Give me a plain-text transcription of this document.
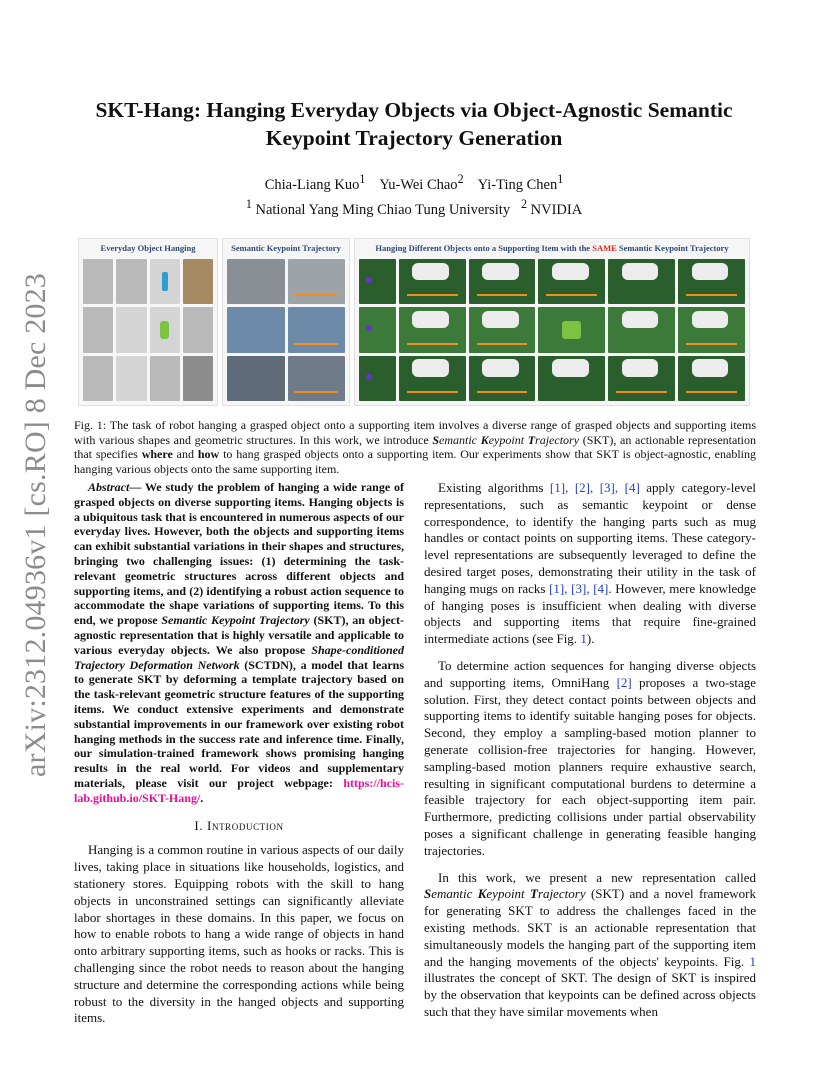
arXiv:2312.04936v1 [cs.RO] 8 Dec 2023
SKT-Hang: Hanging Everyday Objects via Object-Agnostic Semantic
Keypoint Trajectory Generation
Chia-Liang Kuo$^1$ Yu-Wei Chao$^2$ Yi-Ting Chen$^1$
$^1$ National Yang Ming Chiao Tung University $^2$ NVIDIA
Everyday Object Hanging	Semantic Keypoint Trajectory	Hanging Different Objects onto a Supporting Item with the SAME Semantic Keypoint Trajectory
Fig. 1: The task of robot hanging a grasped object onto a supporting item involves a diverse range of grasped objects and supporting items with various shapes and geometric structures. In this work, we introduce Semantic Keypoint Trajectory (SKT), an actionable representation that specifies where and how to hang grasped objects onto a supporting item. Our experiments show that SKT is object-agnostic, enabling hanging various objects onto the same supporting item.

Abstract— We study the problem of hanging a wide range of grasped objects on diverse supporting items. Hanging objects is a ubiquitous task that is encountered in numerous aspects of our everyday lives. However, both the objects and supporting items can exhibit substantial variations in their shapes and structures, bringing two challenging issues: (1) determining the task-relevant geometric structures across different objects and supporting items, and (2) identifying a robust action sequence to accommodate the shape variations of supporting items. To this end, we propose Semantic Keypoint Trajectory (SKT), an object-agnostic representation that is highly versatile and applicable to various everyday objects. We also propose Shape-conditioned Trajectory Deformation Network (SCTDN), a model that learns to generate SKT by deforming a template trajectory based on the task-relevant geometric structure features of the supporting items. We conduct extensive experiments and demonstrate substantial improvements in our framework over existing robot hanging methods in the success rate and inference time. Finally, our simulation-trained framework shows promising hanging results in the real world. For videos and supplementary materials, please visit our project webpage: https://hcis-lab.github.io/SKT-Hang/.

I. Introduction

Hanging is a common routine in various aspects of our daily lives, taking place in situations like households, logistics, and stationery stores. Equipping robots with the skill to hang objects in unconstrained settings can significantly alleviate labor shortages in these domains. In this paper, we focus on how to enable robots to hang a wide range of objects in hand onto arbitrary supporting items, such as hooks or racks. This is challenging since the robot needs to reason about the hanging structure and determine the corresponding actions while being robust to the diversity in the hanged objects and supporting items.

Existing algorithms [1], [2], [3], [4] apply category-level representations, such as semantic keypoint or dense correspondence, to identify the hanging parts such as mug handles or contact points on supporting items. These category-level representations are subsequently leveraged to define the desired target poses, demonstrating their utility in the task of hanging mugs on racks [1], [3], [4]. However, mere knowledge of hanging poses is insufficient when dealing with diverse objects and supporting items that require fine-grained intermediate actions (see Fig. 1).

To determine action sequences for hanging diverse objects and supporting items, OmniHang [2] proposes a two-stage solution. First, they detect contact points between objects and supporting items to identify suitable hanging poses for objects. Second, they employ a sampling-based motion planner to generate collision-free trajectories for hanging. However, sampling-based motion planners require exhaustive search, resulting in significant computational burdens to determine a feasible trajectory for each object-supporting item pair. Furthermore, predicting collisions under partial observability poses a significant challenge in generating feasible hanging trajectories.

In this work, we present a new representation called Semantic Keypoint Trajectory (SKT) and a novel framework for generating SKT to address the challenges faced in the existing methods. SKT is an actionable representation that simultaneously models the hanging part of the supporting item and the hanging movements of the objects' keypoints. Fig. 1 illustrates the concept of SKT. The design of SKT is inspired by the observation that keypoints can be defined across objects such that they have similar movements when
